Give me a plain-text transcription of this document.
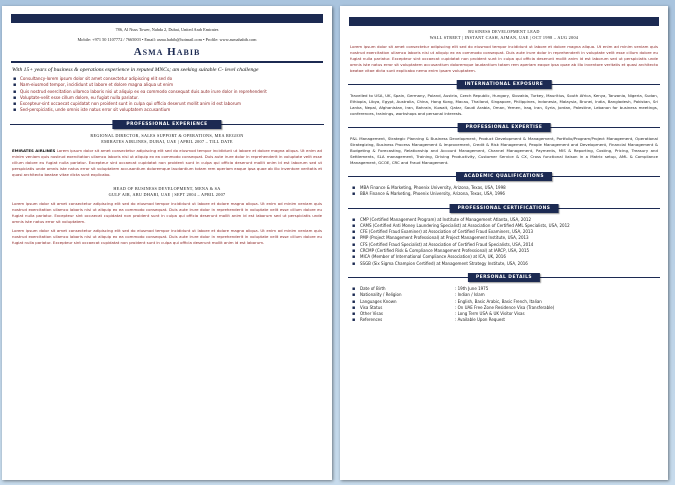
786, Al Nuss Tower, Nahda 2, Dubai, United Arab Emirates
Mobile: +971 50 1107772 / 7665003 • Email: asma.habib@hotmail.com • Profile: www.asmahabib.com
Asma Habib
With 15+ years of business & operations experience in reputed MNCs; am seeking suitable C- level challenge
▪ Consultancy-lorem ipsum dolor sit amet consectetur adipiscing elit sed do
▪ Nam-eiusmod tempor, incididunt ut labore et dolore magna aliqua ut enim
▪ Quis nostrud exercitation ullamco laboris nisi ut aliquip ex ea commodo consequat duis aute irure dolor in reprehenderit
▪ Voluptate-velit esse cillum dolore, eu fugiat nulla pariatur.
▪ Excepteur-sint occaecat cupidatat non proident sunt in culpa qui officia deserunt mollit anim id est laborum
▪ Sed-perspiciatis, unde omnis iste natus error sit voluptatem accusantium
PROFESSIONAL EXPERIENCE
REGIONAL DIRECTOR, SALES SUPPORT & OPERATIONS, MEA REGION
EMIRATES AIRLINES, DUBAI, UAE | APRIL 2007 – TILL DATE
EMIRATES AIRLINES Lorem ipsum dolor sit amet consectetur adipiscing elit sed do eiusmod tempor incididunt ut labore et dolore magna aliqua. Ut enim ad minim veniam quis nostrud exercitation ullamco laboris nisi ut aliquip ex ea commodo consequat. Duis aute irure dolor in reprehenderit in voluptate velit esse cillum dolore eu fugiat nulla pariatur. Excepteur sint occaecat cupidatat non proident sunt in culpa qui officia deserunt mollit anim id est laborum sed ut perspiciatis unde omnis iste natus error sit voluptatem accusantium doloremque laudantium totam rem aperiam eaque ipsa quae ab illo inventore veritatis et quasi architecto beatae vitae dicta sunt explicabo.
HEAD OF BUSINESS DEVELOPMENT, MENA & SA
GULF AIR, ABU DHABI, UAE | SEPT 2004 – APRIL 2007
Lorem ipsum dolor sit amet consectetur adipiscing elit sed do eiusmod tempor incididunt ut labore et dolore magna aliqua. Ut enim ad minim veniam quis nostrud exercitation ullamco laboris nisi ut aliquip ex ea commodo consequat. Duis aute irure dolor in reprehenderit in voluptate velit esse cillum dolore eu fugiat nulla pariatur. Excepteur sint occaecat cupidatat non proident sunt in culpa qui officia deserunt mollit anim id est laborum sed ut perspiciatis unde omnis iste natus error sit voluptatem.
Lorem ipsum dolor sit amet consectetur adipiscing elit sed do eiusmod tempor incididunt ut labore et dolore magna aliqua. Ut enim ad minim veniam quis nostrud exercitation ullamco laboris nisi ut aliquip ex ea commodo consequat. Duis aute irure dolor in reprehenderit in voluptate velit esse cillum dolore eu fugiat nulla pariatur. Excepteur sint occaecat cupidatat non proident sunt in culpa qui officia deserunt mollit anim id est laborum.
BUSINESS DEVELOPMENT LEAD
WALL STREET | INSTANT CASH, AJMAN, UAE | OCT 1998 – AUG 2004
Lorem ipsum dolor sit amet consectetur adipiscing elit sed do eiusmod tempor incididunt ut labore et dolore magna aliqua. Ut enim ad minim veniam quis nostrud exercitation ullamco laboris nisi ut aliquip ex ea commodo consequat. Duis aute irure dolor in reprehenderit in voluptate velit esse cillum dolore eu fugiat nulla pariatur. Excepteur sint occaecat cupidatat non proident sunt in culpa qui officia deserunt mollit anim id est laborum sed ut perspiciatis unde omnis iste natus error sit voluptatem accusantium doloremque laudantium totam rem aperiam eaque ipsa quae ab illo inventore veritatis et quasi architecto beatae vitae dicta sunt explicabo nemo enim ipsam voluptatem.
INTERNATIONAL EXPOSURE
Travelled to USA, UK, Spain, Germany, Poland, Austria, Czech Republic, Hungary, Slovakia, Turkey, Mauritius, South Africa, Kenya, Tanzania, Nigeria, Sudan, Ethiopia, Libya, Egypt, Australia, China, Hong Kong, Macau, Thailand, Singapore, Philippines, Indonesia, Malaysia, Brunei, India, Bangladesh, Pakistan, Sri Lanka, Nepal, Afghanistan, Iran, Bahrain, Kuwait, Qatar, Saudi Arabia, Oman, Yemen, Iraq, Iran, Syria, Jordan, Palestine, Lebanon for business meetings, conferences, trainings, workshops and personal interests.
PROFESSIONAL EXPERTISE
P&L Management, Strategic Planning & Business Development, Product Development & Management, Portfolio/Program/Project Management, Operational Strategizing, Business Process Management & Improvement, Credit & Risk Management, People Management and Development, Financial Management & Budgeting & Forecasting, Relationship and Account Management, Channel Management, Payments, MIS & Reporting, Costing, Pricing, Treasury and Settlements, SLA management, Training, Driving Productivity, Customer Service & CX, Cross functional liaison in a Matrix setup, AML & Compliance Management, GCOE, CRC and Fraud Management.
ACADEMIC QUALIFICATIONS
▪ MBA Finance & Marketing, Phoenix University, Arizona, Texas, USA, 1998
▪ BBA Finance & Marketing, Phoenix University, Arizona, Texas, USA, 1996
PROFESSIONAL CERTIFICATIONS
▪ CMP (Certified Management Program) at Institute of Management Atlanta, USA, 2012
▪ CAMS (Certified Anti Money Laundering Specialist) at Association of Certified AML Specialists, USA, 2012
▪ CFE (Certified Fraud Examiner) at Association of Certified Fraud Examiners, USA, 2013
▪ PMP (Project Management Professional) at Project Management Institute, USA, 2013
▪ CFS (Certified Fraud Specialist) at Association of Certified Fraud Specialists, USA, 2014
▪ CRCMP (Certified Risk & Compliance Management Professional) at IARCP, USA, 2015
▪ MICA (Member of International Compliance Association) at ICA, UK, 2016
▪ SSGB (Six Sigma Champion Certified) at Management Strategy Institute, USA, 2016
PERSONAL DETAILS
▪ Date of Birth	: 19th June 1975
▪ Nationality / Religion	: Indian / Islam
▪ Languages Known	: English, Basic Arabic, Basic French, Italian
▪ Visa Status	: On UAE Free Zone Residence Visa (Transferable)
▪ Other Visas	: Long Term USA & UK Visitor Visas
▪ References	: Available Upon Request
